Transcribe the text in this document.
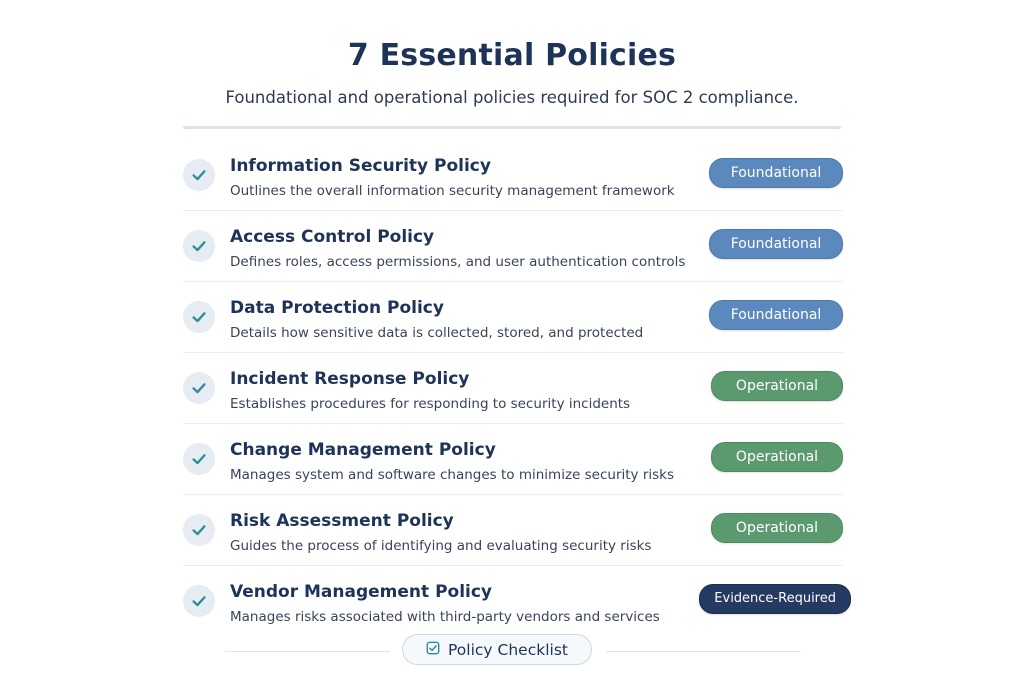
7 Essential Policies
Foundational and operational policies required for SOC 2 compliance.
Information Security Policy
Outlines the overall information security management framework
Foundational
Access Control Policy
Defines roles, access permissions, and user authentication controls
Foundational
Data Protection Policy
Details how sensitive data is collected, stored, and protected
Foundational
Incident Response Policy
Establishes procedures for responding to security incidents
Operational
Change Management Policy
Manages system and software changes to minimize security risks
Operational
Risk Assessment Policy
Guides the process of identifying and evaluating security risks
Operational
Vendor Management Policy
Manages risks associated with third-party vendors and services
Evidence-Required
Policy Checklist
